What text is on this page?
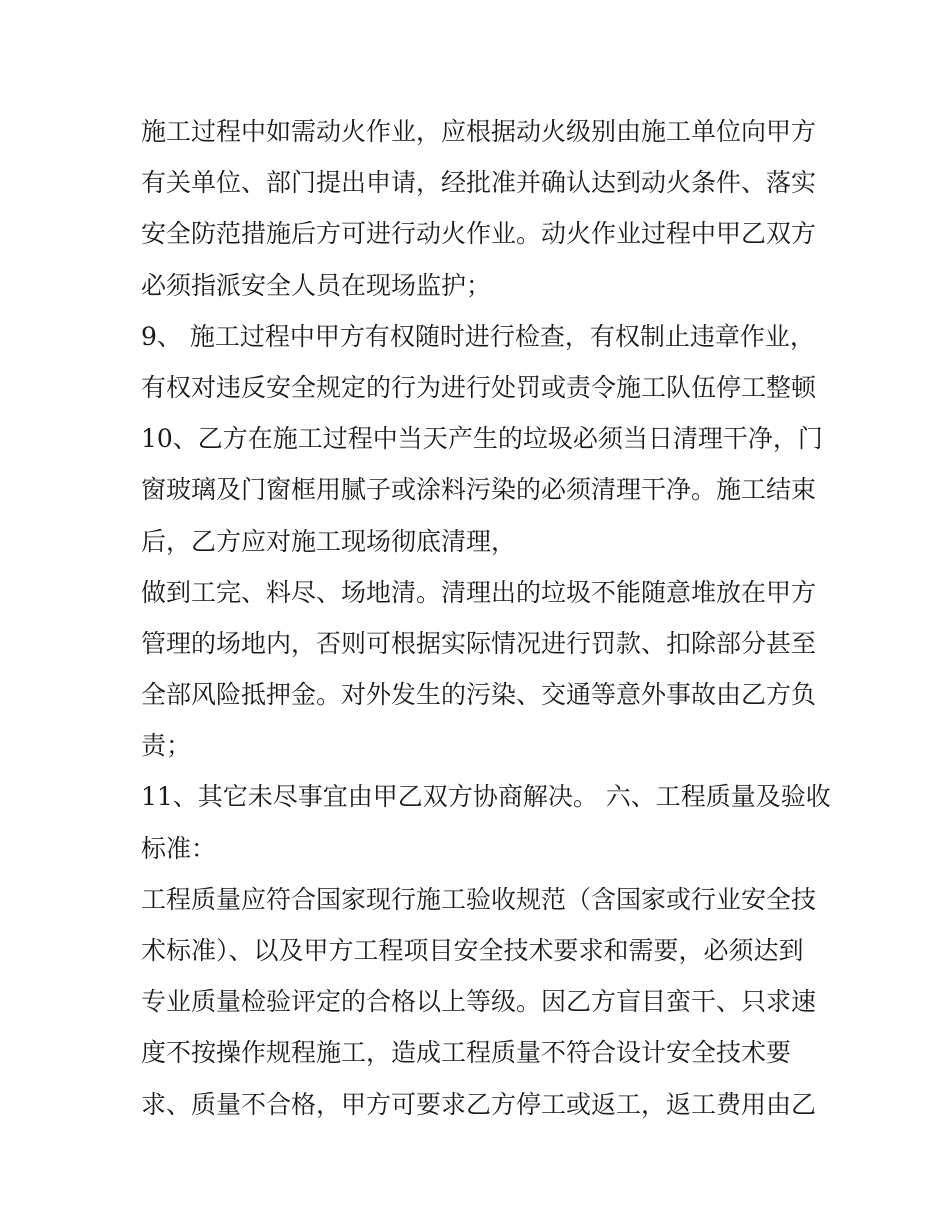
施工过程中如需动火作业，应根据动火级别由施工单位向甲方
有关单位、部门提出申请，经批准并确认达到动火条件、落实
安全防范措施后方可进行动火作业。动火作业过程中甲乙双方
必须指派安全人员在现场监护；
9、 施工过程中甲方有权随时进行检查，有权制止违章作业，
有权对违反安全规定的行为进行处罚或责令施工队伍停工整顿
10、乙方在施工过程中当天产生的垃圾必须当日清理干净，门
窗玻璃及门窗框用腻子或涂料污染的必须清理干净。施工结束
后，乙方应对施工现场彻底清理，
做到工完、料尽、场地清。清理出的垃圾不能随意堆放在甲方
管理的场地内，否则可根据实际情况进行罚款、扣除部分甚至
全部风险抵押金。对外发生的污染、交通等意外事故由乙方负
责；
11、其它未尽事宜由甲乙双方协商解决。 六、工程质量及验收
标准：
工程质量应符合国家现行施工验收规范（含国家或行业安全技
术标准）、以及甲方工程项目安全技术要求和需要，必须达到
专业质量检验评定的合格以上等级。因乙方盲目蛮干、只求速
度不按操作规程施工，造成工程质量不符合设计安全技术要
求、质量不合格，甲方可要求乙方停工或返工，返工费用由乙
